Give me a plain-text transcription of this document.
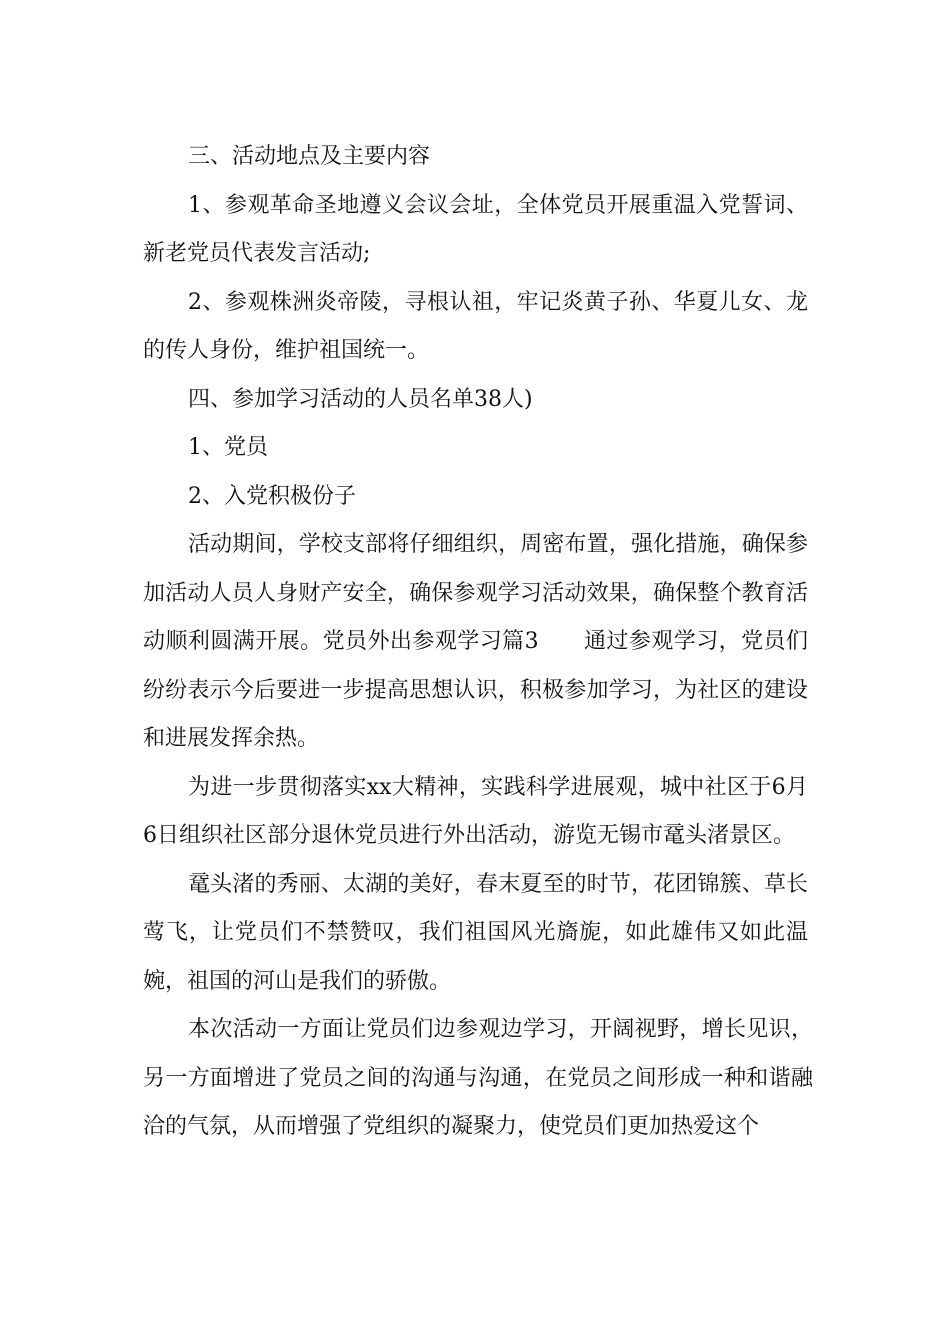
三、活动地点及主要内容

1、参观革命圣地遵义会议会址，全体党员开展重温入党誓词、新老党员代表发言活动;

2、参观株洲炎帝陵，寻根认祖，牢记炎黄子孙、华夏儿女、龙的传人身份，维护祖国统一。

四、参加学习活动的人员名单38人)

1、党员

2、入党积极份子

活动期间，学校支部将仔细组织，周密布置，强化措施，确保参加活动人员人身财产安全，确保参观学习活动效果，确保整个教育活动顺利圆满开展。党员外出参观学习篇3　　通过参观学习，党员们纷纷表示今后要进一步提高思想认识，积极参加学习，为社区的建设和进展发挥余热。

为进一步贯彻落实xx大精神，实践科学进展观，城中社区于6月6日组织社区部分退休党员进行外出活动，游览无锡市鼋头渚景区。

鼋头渚的秀丽、太湖的美好，春末夏至的时节，花团锦簇、草长莺飞，让党员们不禁赞叹，我们祖国风光旖旎，如此雄伟又如此温婉，祖国的河山是我们的骄傲。

本次活动一方面让党员们边参观边学习，开阔视野，增长见识，另一方面增进了党员之间的沟通与沟通，在党员之间形成一种和谐融洽的气氛，从而增强了党组织的凝聚力，使党员们更加热爱这个
